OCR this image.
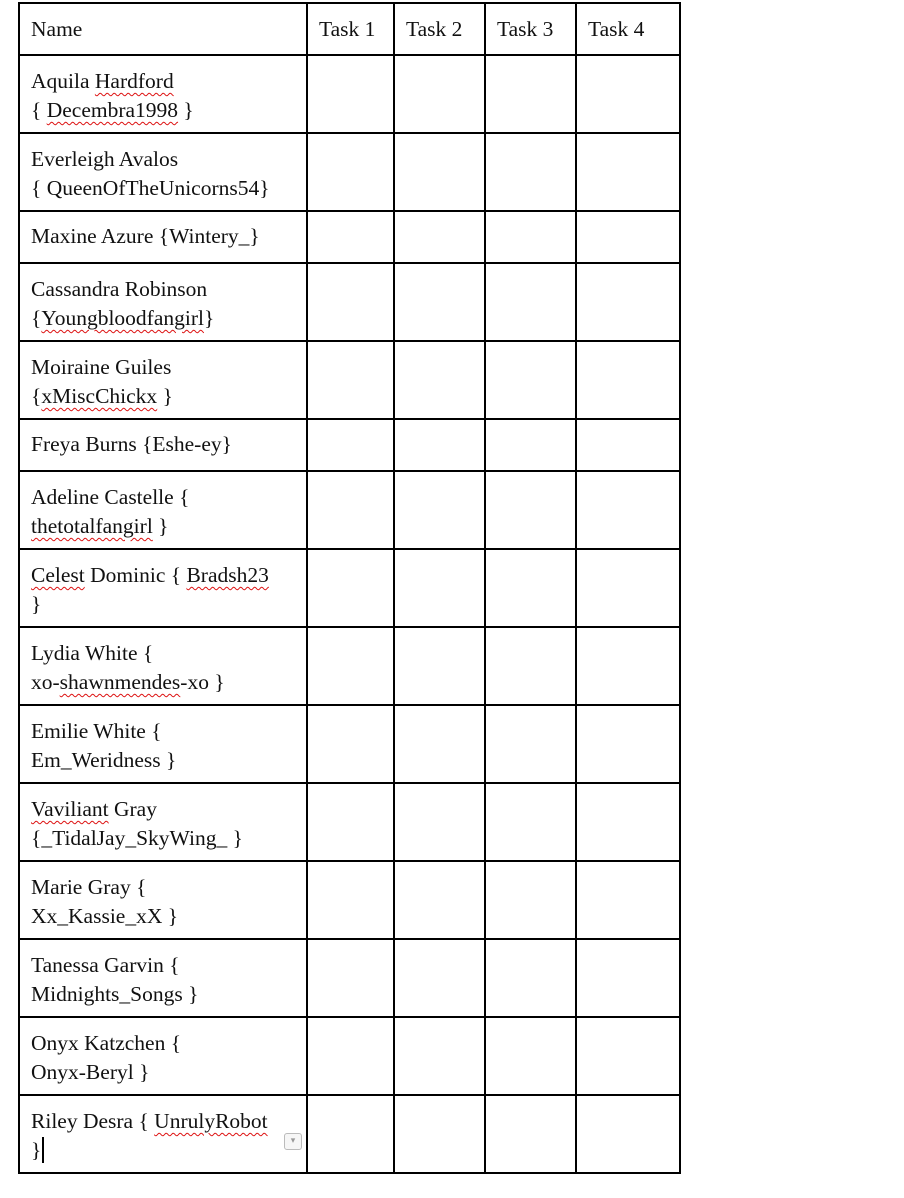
Name	Task 1	Task 2	Task 3	Task 4

Aquila Hardford
{ Decembra1998 }				

Everleigh Avalos
{ QueenOfTheUnicorns54}				

Maxine Azure {Wintery_}				

Cassandra Robinson
{Youngbloodfangirl}				

Moiraine Guiles
{xMiscChickx }				

Freya Burns {Eshe-ey}				

Adeline Castelle {
thetotalfangirl }				

Celest Dominic { Bradsh23
}				

Lydia White {
xo-shawnmendes-xo }				

Emilie White {
Em_Weridness }				

Vaviliant Gray
{_TidalJay_SkyWing_ }				

Marie Gray {
Xx_Kassie_xX }				

Tanessa Garvin {
Midnights_Songs }				

Onyx Katzchen {
Onyx-Beryl }				

Riley Desra { UnrulyRobot
}				
					▾
